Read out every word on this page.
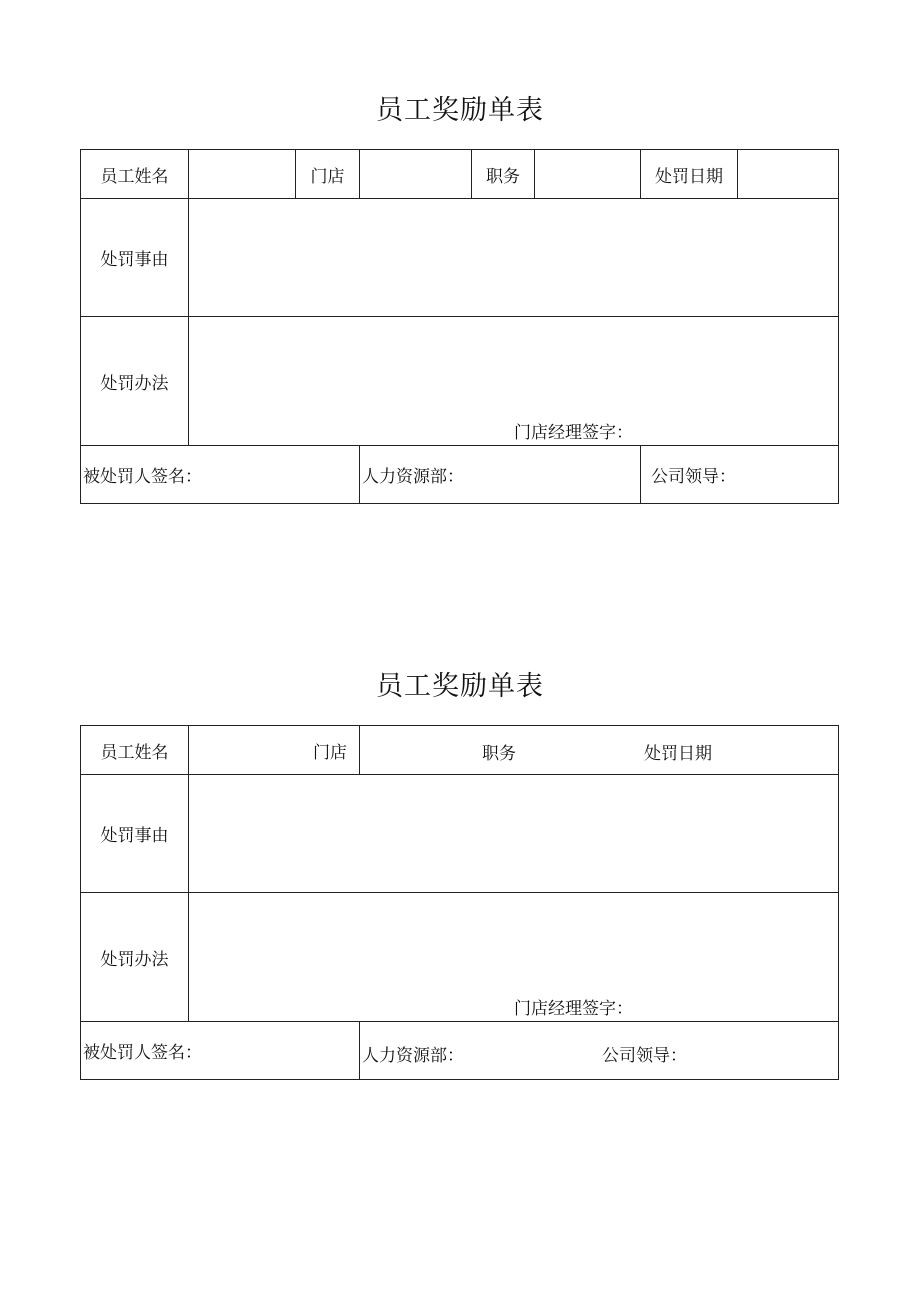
员工奖励单表
员工姓名		门店		职务		处罚日期	
处罚事由							
处罚办法	门店经理签字：						

被处罚人签名：			人力资源部：			公司领导：	
员工奖励单表
员工姓名	门店	职务 处罚日期

处罚事由		
处罚办法	门店经理签字：	

被处罚人签名：		人力资源部： 公司领导：
